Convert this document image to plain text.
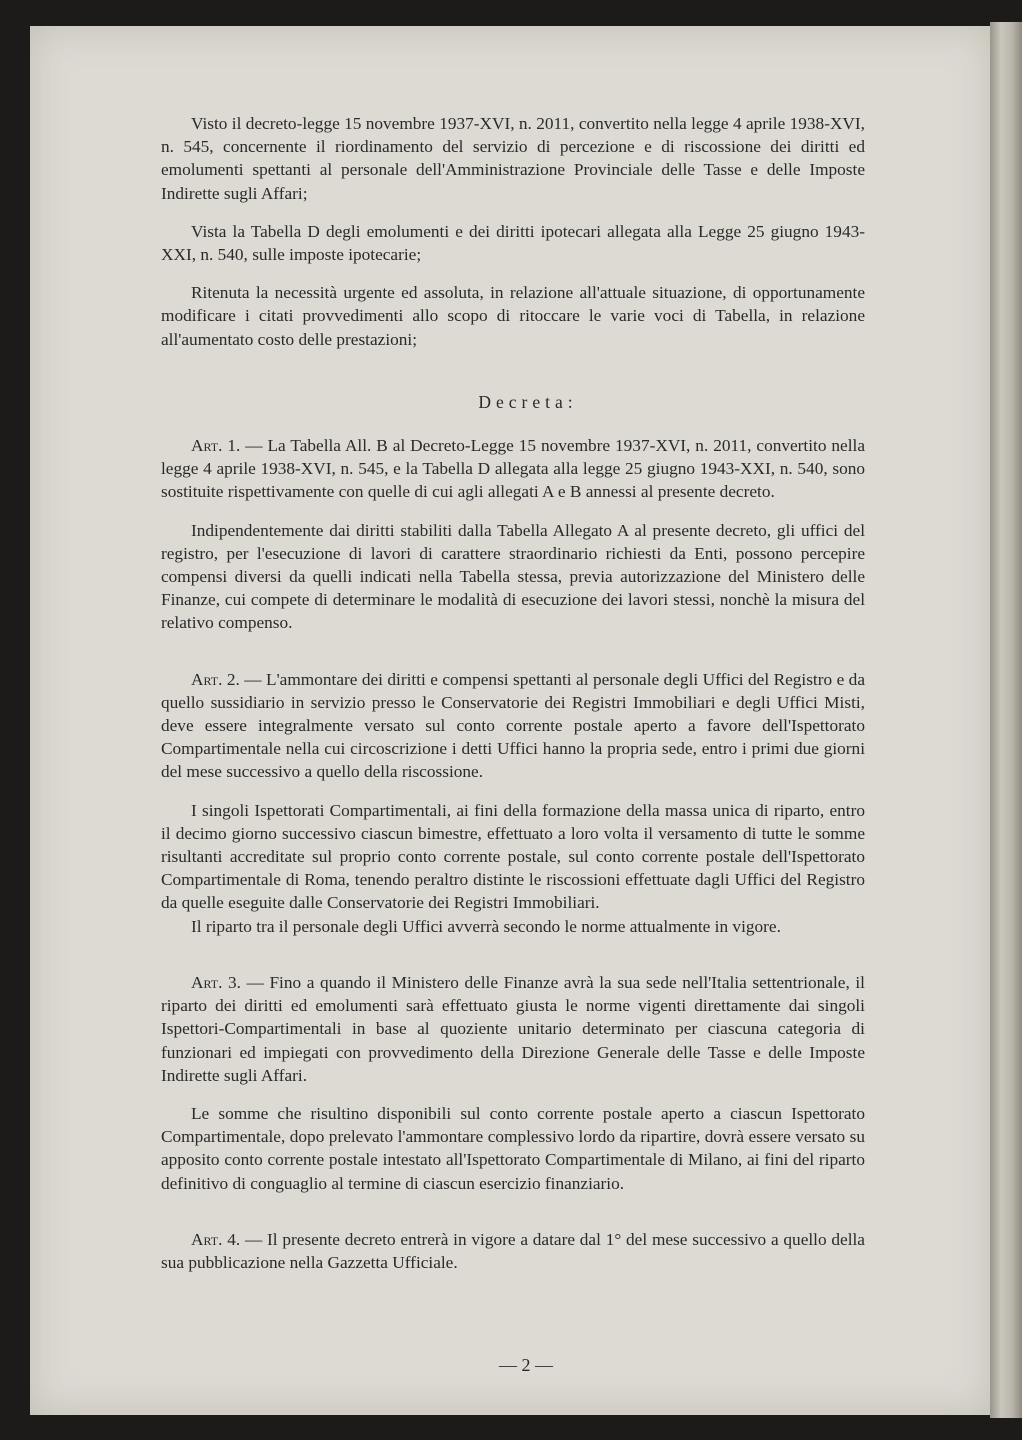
Visto il decreto-legge 15 novembre 1937-XVI, n. 2011, convertito nella legge 4 aprile 1938-XVI, n. 545, concernente il riordinamento del servizio di percezione e di riscossione dei diritti ed emolumenti spettanti al personale dell'Amministrazione Provinciale delle Tasse e delle Imposte Indirette sugli Affari;

Vista la Tabella D degli emolumenti e dei diritti ipotecari allegata alla Legge 25 giugno 1943-XXI, n. 540, sulle imposte ipotecarie;

Ritenuta la necessità urgente ed assoluta, in relazione all'attuale situazione, di opportunamente modificare i citati provvedimenti allo scopo di ritoccare le varie voci di Tabella, in relazione all'aumentato costo delle prestazioni;

Decreta:

Art. 1. — La Tabella All. B al Decreto-Legge 15 novembre 1937-XVI, n. 2011, convertito nella legge 4 aprile 1938-XVI, n. 545, e la Tabella D allegata alla legge 25 giugno 1943-XXI, n. 540, sono sostituite rispettivamente con quelle di cui agli allegati A e B annessi al presente decreto.

Indipendentemente dai diritti stabiliti dalla Tabella Allegato A al presente decreto, gli uffici del registro, per l'esecuzione di lavori di carattere straordinario richiesti da Enti, possono percepire compensi diversi da quelli indicati nella Tabella stessa, previa autorizzazione del Ministero delle Finanze, cui compete di determinare le modalità di esecuzione dei lavori stessi, nonchè la misura del relativo compenso.

Art. 2. — L'ammontare dei diritti e compensi spettanti al personale degli Uffici del Registro e da quello sussidiario in servizio presso le Conservatorie dei Registri Immobiliari e degli Uffici Misti, deve essere integralmente versato sul conto corrente postale aperto a favore dell'Ispettorato Compartimentale nella cui circoscrizione i detti Uffici hanno la propria sede, entro i primi due giorni del mese successivo a quello della riscossione.

I singoli Ispettorati Compartimentali, ai fini della formazione della massa unica di riparto, entro il decimo giorno successivo ciascun bimestre, effettuato a loro volta il versamento di tutte le somme risultanti accreditate sul proprio conto corrente postale, sul conto corrente postale dell'Ispettorato Compartimentale di Roma, tenendo peraltro distinte le riscossioni effettuate dagli Uffici del Registro da quelle eseguite dalle Conservatorie dei Registri Immobiliari.

Il riparto tra il personale degli Uffici avverrà secondo le norme attualmente in vigore.

Art. 3. — Fino a quando il Ministero delle Finanze avrà la sua sede nell'Italia settentrionale, il riparto dei diritti ed emolumenti sarà effettuato giusta le norme vigenti direttamente dai singoli Ispettori-Compartimentali in base al quoziente unitario determinato per ciascuna categoria di funzionari ed impiegati con provvedimento della Direzione Generale delle Tasse e delle Imposte Indirette sugli Affari.

Le somme che risultino disponibili sul conto corrente postale aperto a ciascun Ispettorato Compartimentale, dopo prelevato l'ammontare complessivo lordo da ripartire, dovrà essere versato su apposito conto corrente postale intestato all'Ispettorato Compartimentale di Milano, ai fini del riparto definitivo di conguaglio al termine di ciascun esercizio finanziario.

Art. 4. — Il presente decreto entrerà in vigore a datare dal 1° del mese successivo a quello della sua pubblicazione nella Gazzetta Ufficiale.

— 2 —
